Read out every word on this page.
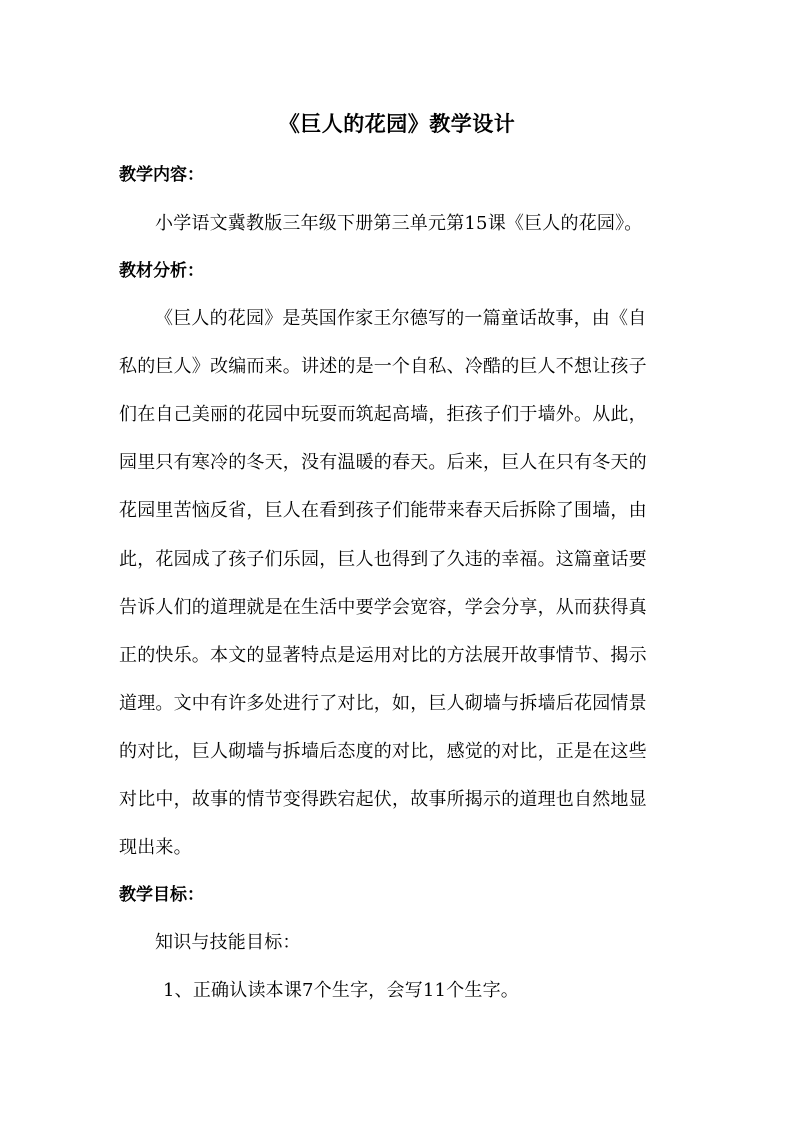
《巨人的花园》教学设计
教学内容：
小学语文冀教版三年级下册第三单元第15课《巨人的花园》。
教材分析：
《巨人的花园》是英国作家王尔德写的一篇童话故事，由《自
私的巨人》改编而来。讲述的是一个自私、冷酷的巨人不想让孩子
们在自己美丽的花园中玩耍而筑起高墙，拒孩子们于墙外。从此，
园里只有寒冷的冬天，没有温暖的春天。后来，巨人在只有冬天的
花园里苦恼反省，巨人在看到孩子们能带来春天后拆除了围墙，由
此，花园成了孩子们乐园，巨人也得到了久违的幸福。这篇童话要
告诉人们的道理就是在生活中要学会宽容，学会分享，从而获得真
正的快乐。本文的显著特点是运用对比的方法展开故事情节、揭示
道理。文中有许多处进行了对比，如，巨人砌墙与拆墙后花园情景
的对比，巨人砌墙与拆墙后态度的对比，感觉的对比，正是在这些
对比中，故事的情节变得跌宕起伏，故事所揭示的道理也自然地显
现出来。
教学目标：
知识与技能目标：
1、正确认读本课7个生字，会写11个生字。
